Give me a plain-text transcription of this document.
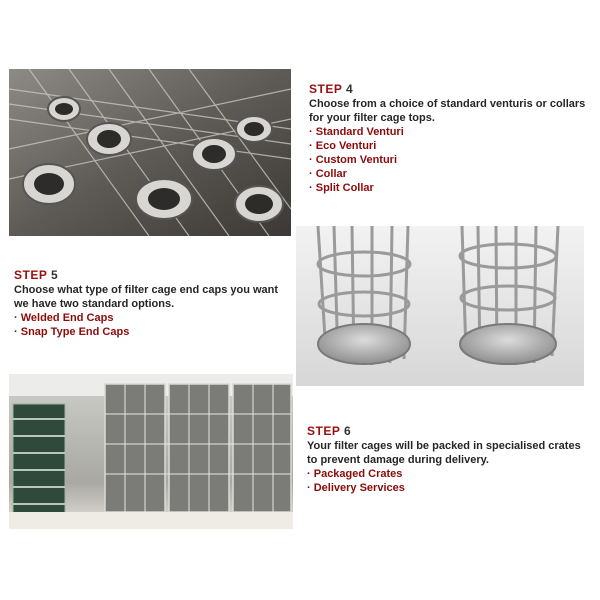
STEP 4
Choose from a choice of standard venturis or collars for your filter cage tops.
· Standard Venturi
· Eco Venturi
· Custom Venturi
· Collar
· Split Collar
STEP 5
Choose what type of filter cage end caps you want we have two standard options.
· Welded End Caps
· Snap Type End Caps
STEP 6
Your filter cages will be packed in specialised crates to prevent damage during delivery.
· Packaged Crates
· Delivery Services
